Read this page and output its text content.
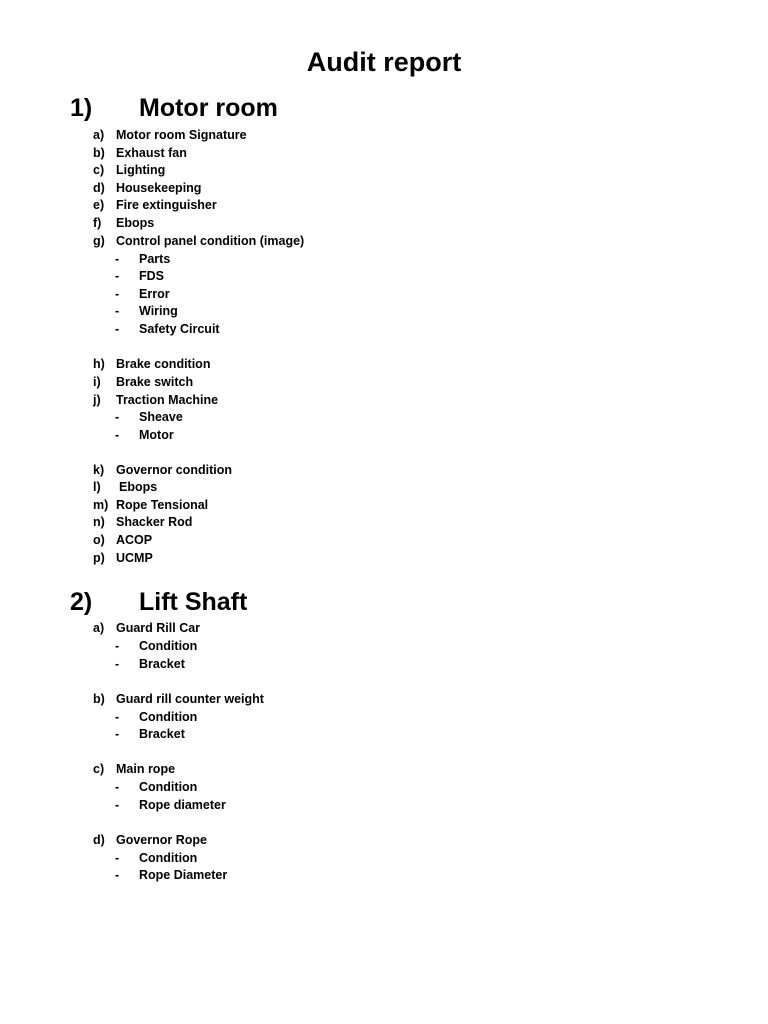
Audit report
1) Motor room
a) Motor room Signature
b) Exhaust fan
c) Lighting
d) Housekeeping
e) Fire extinguisher
f) Ebops
g) Control panel condition (image)
- Parts
- FDS
- Error
- Wiring
- Safety Circuit
h) Brake condition
i) Brake switch
j) Traction Machine
- Sheave
- Motor
k) Governor condition
l) Ebops
m) Rope Tensional
n) Shacker Rod
o) ACOP
p) UCMP
2) Lift Shaft
a) Guard Rill Car
- Condition
- Bracket
b) Guard rill counter weight
- Condition
- Bracket
c) Main rope
- Condition
- Rope diameter
d) Governor Rope
- Condition
- Rope Diameter
